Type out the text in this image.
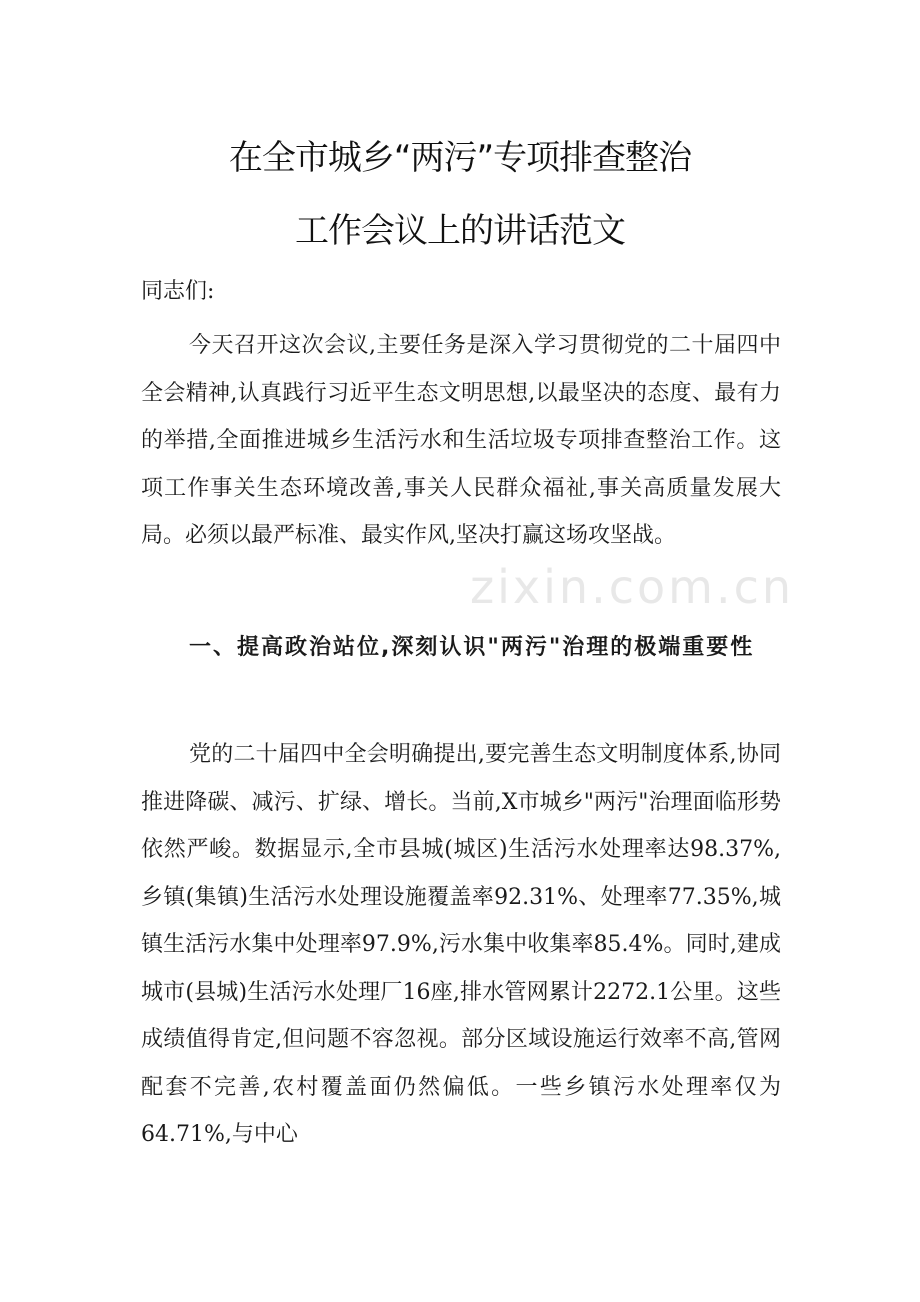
在全市城乡“两污”专项排查整治
工作会议上的讲话范文
同志们:
今天召开这次会议,主要任务是深入学习贯彻党的二十届四中全会精神,认真践行习近平生态文明思想,以最坚决的态度、最有力的举措,全面推进城乡生活污水和生活垃圾专项排查整治工作。这项工作事关生态环境改善,事关人民群众福祉,事关高质量发展大局。必须以最严标准、最实作风,坚决打赢这场攻坚战。
一、提高政治站位,深刻认识"两污"治理的极端重要性
党的二十届四中全会明确提出,要完善生态文明制度体系,协同推进降碳、减污、扩绿、增长。当前,X市城乡"两污"治理面临形势依然严峻。数据显示,全市县城(城区)生活污水处理率达98.37%,乡镇(集镇)生活污水处理设施覆盖率92.31%、处理率77.35%,城镇生活污水集中处理率97.9%,污水集中收集率85.4%。同时,建成城市(县城)生活污水处理厂16座,排水管网累计2272.1公里。这些成绩值得肯定,但问题不容忽视。部分区域设施运行效率不高,管网配套不完善,农村覆盖面仍然偏低。一些乡镇污水处理率仅为64.71%,与中心
zixin.com.cn
